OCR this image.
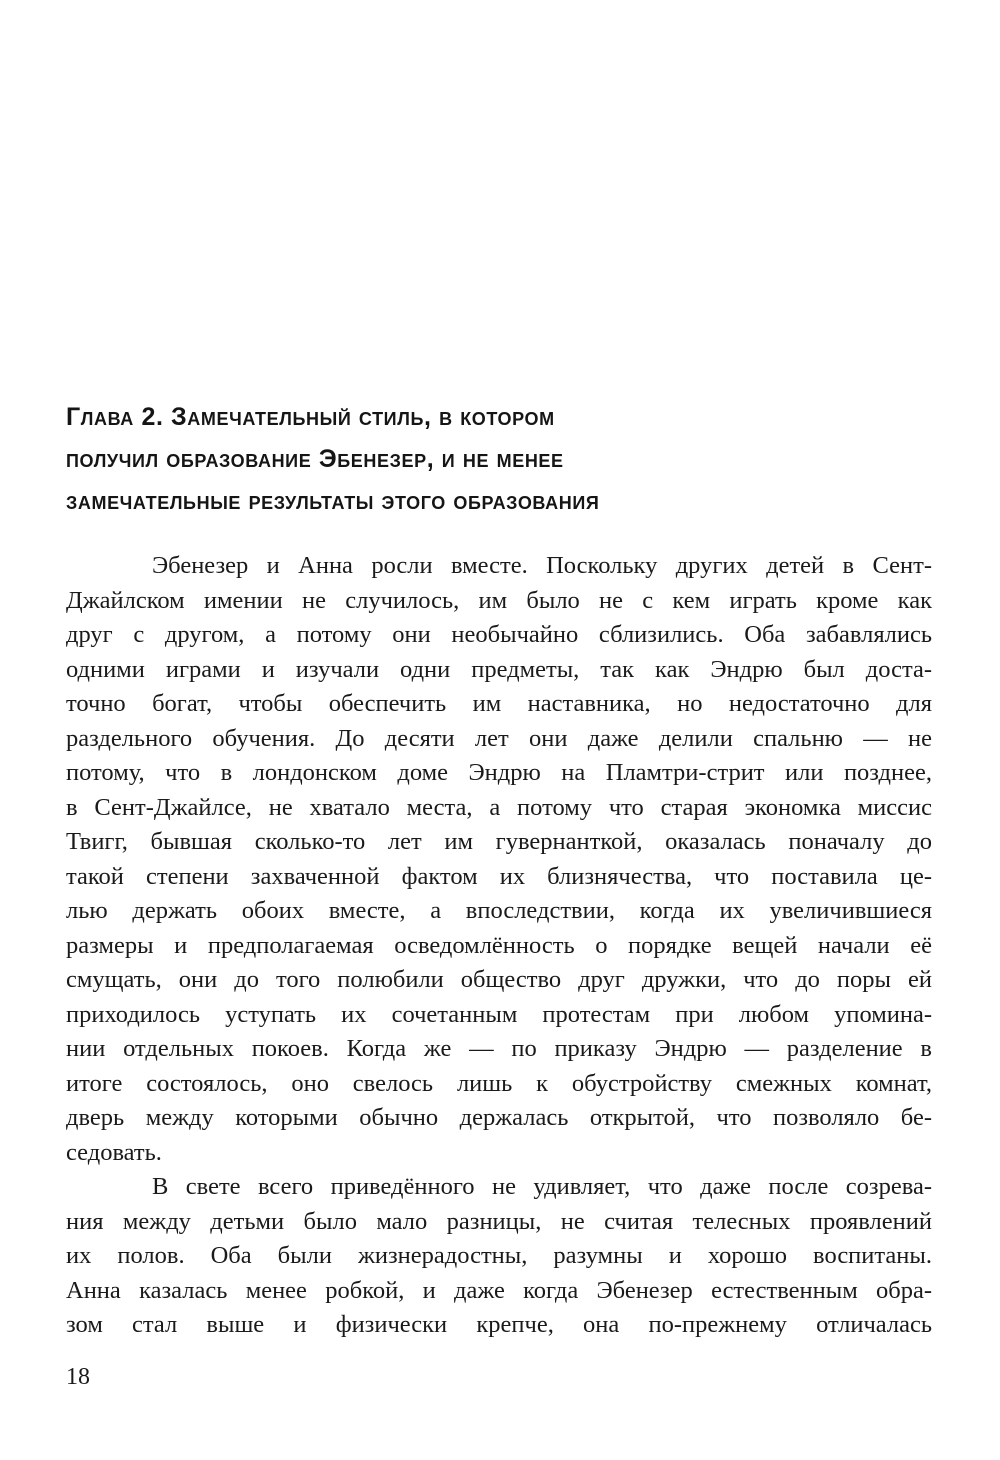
Глава 2. Замечательный стиль, в котором
получил образование Эбенезер, и не менее
замечательные результаты этого образования
Эбенезер и Анна росли вместе. Поскольку других детей в Сент-
Джайлском имении не случилось, им было не с кем играть кроме как
друг с другом, а потому они необычайно сблизились. Оба забавлялись
одними играми и изучали одни предметы, так как Эндрю был доста-
точно богат, чтобы обеспечить им наставника, но недостаточно для
раздельного обучения. До десяти лет они даже делили спальню — не
потому, что в лондонском доме Эндрю на Пламтри-стрит или позднее,
в Сент-Джайлсе, не хватало места, а потому что старая экономка миссис
Твигг, бывшая сколько-то лет им гувернанткой, оказалась поначалу до
такой степени захваченной фактом их близнячества, что поставила це-
лью держать обоих вместе, а впоследствии, когда их увеличившиеся
размеры и предполагаемая осведомлённость о порядке вещей начали её
смущать, они до того полюбили общество друг дружки, что до поры ей
приходилось уступать их сочетанным протестам при любом упомина-
нии отдельных покоев. Когда же — по приказу Эндрю — разделение в
итоге состоялось, оно свелось лишь к обустройству смежных комнат,
дверь между которыми обычно держалась открытой, что позволяло бе-
седовать.
В свете всего приведённого не удивляет, что даже после созрева-
ния между детьми было мало разницы, не считая телесных проявлений
их полов. Оба были жизнерадостны, разумны и хорошо воспитаны.
Анна казалась менее робкой, и даже когда Эбенезер естественным обра-
зом стал выше и физически крепче, она по-прежнему отличалась
18
